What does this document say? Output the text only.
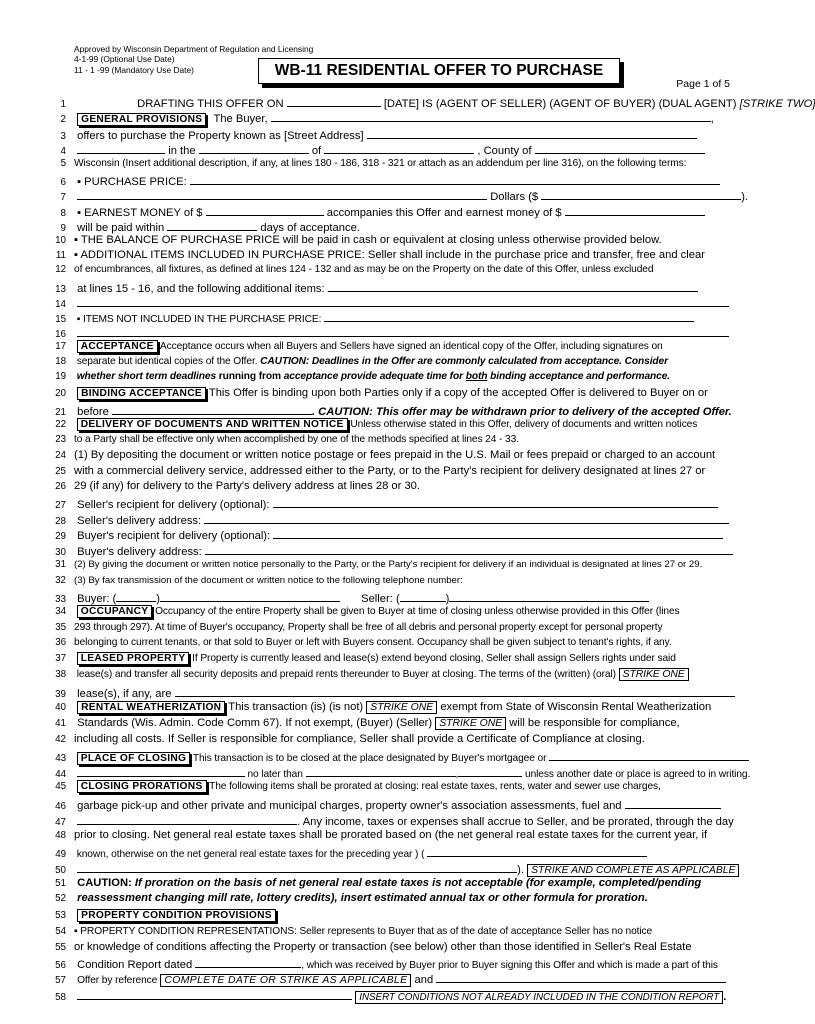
Approved by Wisconsin Department of Regulation and Licensing
4-1-99 (Optional Use Date)
11 - 1 -99 (Mandatory Use Date)	WB-11 RESIDENTIAL OFFER TO PURCHASE
Page 1 of 5
1	DRAFTING THIS OFFER ON	[DATE] IS (AGENT OF SELLER) (AGENT OF BUYER) (DUAL AGENT) [STRIKE TWO]
2 GENERAL PROVISIONS The Buyer,	,
3 offers to purchase the Property known as [Street Address]
4	in the	of	, County of
5 Wisconsin (Insert additional description, if any, at lines 180 - 186, 318 - 321 or attach as an addendum per line 316), on the following terms:
6 ▪ PURCHASE PRICE:
7	Dollars ($	).
8 ▪ EARNEST MONEY of $	accompanies this Offer and earnest money of $
9 will be paid within	days of acceptance.
10 ▪ THE BALANCE OF PURCHASE PRICE will be paid in cash or equivalent at closing unless otherwise provided below.
11 ▪ ADDITIONAL ITEMS INCLUDED IN PURCHASE PRICE: Seller shall include in the purchase price and transfer, free and clear
12 of encumbrances, all fixtures, as defined at lines 124 - 132 and as may be on the Property on the date of this Offer, unless excluded
13 at lines 15 - 16, and the following additional items:
14
15 ▪ ITEMS NOT INCLUDED IN THE PURCHASE PRICE:
16
17 ACCEPTANCE Acceptance occurs when all Buyers and Sellers have signed an identical copy of the Offer, including signatures on
18 separate but identical copies of the Offer. CAUTION: Deadlines in the Offer are commonly calculated from acceptance. Consider
19 whether short term deadlines running from acceptance provide adequate time for both binding acceptance and performance.
20 BINDING ACCEPTANCE This Offer is binding upon both Parties only if a copy of the accepted Offer is delivered to Buyer on or
21 before	. CAUTION: This offer may be withdrawn prior to delivery of the accepted Offer.
22 DELIVERY OF DOCUMENTS AND WRITTEN NOTICE Unless otherwise stated in this Offer, delivery of documents and written notices
23 to a Party shall be effective only when accomplished by one of the methods specified at lines 24 - 33.
24 (1) By depositing the document or written notice postage or fees prepaid in the U.S. Mail or fees prepaid or charged to an account
25 with a commercial delivery service, addressed either to the Party, or to the Party's recipient for delivery designated at lines 27 or
26 29 (if any) for delivery to the Party's delivery address at lines 28 or 30.
27 Seller's recipient for delivery (optional):
28 Seller's delivery address:
29 Buyer's recipient for delivery (optional):
30 Buyer's delivery address:
31 (2) By giving the document or written notice personally to the Party, or the Party's recipient for delivery if an individual is designated at lines 27 or 29.
32 (3) By fax transmission of the document or written notice to the following telephone number:
33 Buyer: (	)	Seller: (	)
34 OCCUPANCY Occupancy of the entire Property shall be given to Buyer at time of closing unless otherwise provided in this Offer (lines
35 293 through 297). At time of Buyer's occupancy, Property shall be free of all debris and personal property except for personal property
36 belonging to current tenants, or that sold to Buyer or left with Buyers consent. Occupancy shall be given subject to tenant's rights, if any.
37 LEASED PROPERTY If Property is currently leased and lease(s) extend beyond closing, Seller shall assign Sellers rights under said
38 lease(s) and transfer all security deposits and prepaid rents thereunder to Buyer at closing. The terms of the (written) (oral) STRIKE ONE
39 lease(s), if any, are
40 RENTAL WEATHERIZATION This transaction (is) (is not) STRIKE ONE exempt from State of Wisconsin Rental Weatherization
41 Standards (Wis. Admin. Code Comm 67). If not exempt, (Buyer) (Seller) STRIKE ONE will be responsible for compliance,
42 including all costs. If Seller is responsible for compliance, Seller shall provide a Certificate of Compliance at closing.
43 PLACE OF CLOSING This transaction is to be closed at the place designated by Buyer's mortgagee or
44	no later than	,	unless another date or place is agreed to in writing.
45 CLOSING PRORATIONS The following items shall be prorated at closing: real estate taxes, rents, water and sewer use charges,
46 garbage pick-up and other private and municipal charges, property owner's association assessments, fuel and
47	. Any income, taxes or expenses shall accrue to Seller, and be prorated, through the day
48 prior to closing. Net general real estate taxes shall be prorated based on (the net general real estate taxes for the current year, if
49 known, otherwise on the net general real estate taxes for the preceding year ) (
50	). STRIKE AND COMPLETE AS APPLICABLE
51 CAUTION: If proration on the basis of net general real estate taxes is not acceptable (for example, completed/pending
52 reassessment changing mill rate, lottery credits), insert estimated annual tax or other formula for proration.
53 PROPERTY CONDITION PROVISIONS
54 ▪ PROPERTY CONDITION REPRESENTATIONS: Seller represents to Buyer that as of the date of acceptance Seller has no notice
55 or knowledge of conditions affecting the Property or transaction (see below) other than those identified in Seller's Real Estate
56 Condition Report dated	, which was received by Buyer prior to Buyer signing this Offer and which is made a part of this
57 Offer by reference COMPLETE DATE OR STRIKE AS APPLICABLE and
58	INSERT CONDITIONS NOT ALREADY INCLUDED IN THE CONDITION REPORT .
